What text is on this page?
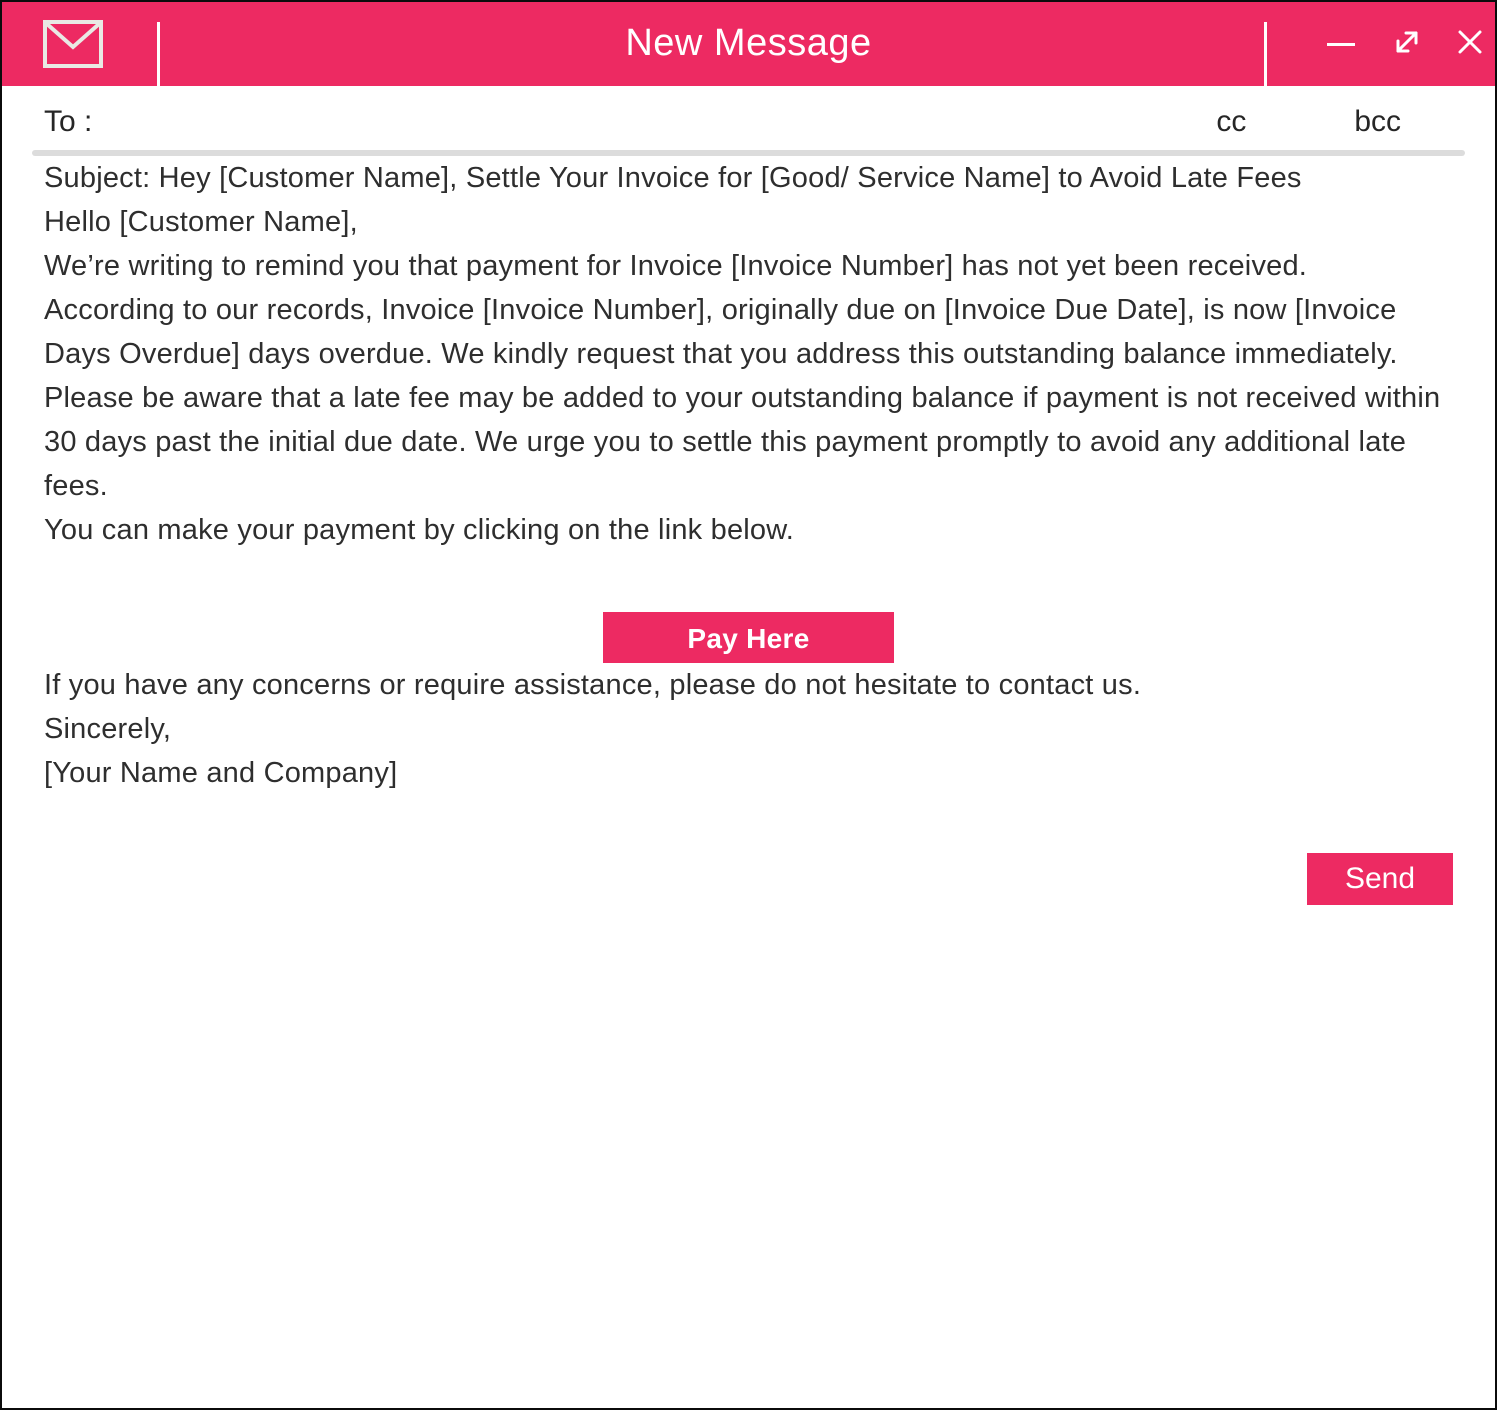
New Message
To :	cc	bcc

Subject: Hey [Customer Name], Settle Your Invoice for [Good/ Service Name] to Avoid Late Fees

Hello [Customer Name],

We’re writing to remind you that payment for Invoice [Invoice Number] has not yet been received.

According to our records, Invoice [Invoice Number], originally due on [Invoice Due Date], is now [Invoice Days Overdue] days overdue. We kindly request that you address this outstanding balance immediately.

Please be aware that a late fee may be added to your outstanding balance if payment is not received within 30 days past the initial due date. We urge you to settle this payment promptly to avoid any additional late fees.

You can make your payment by clicking on the link below.

Pay Here

If you have any concerns or require assistance, please do not hesitate to contact us.

Sincerely,

[Your Name and Company]

Send
